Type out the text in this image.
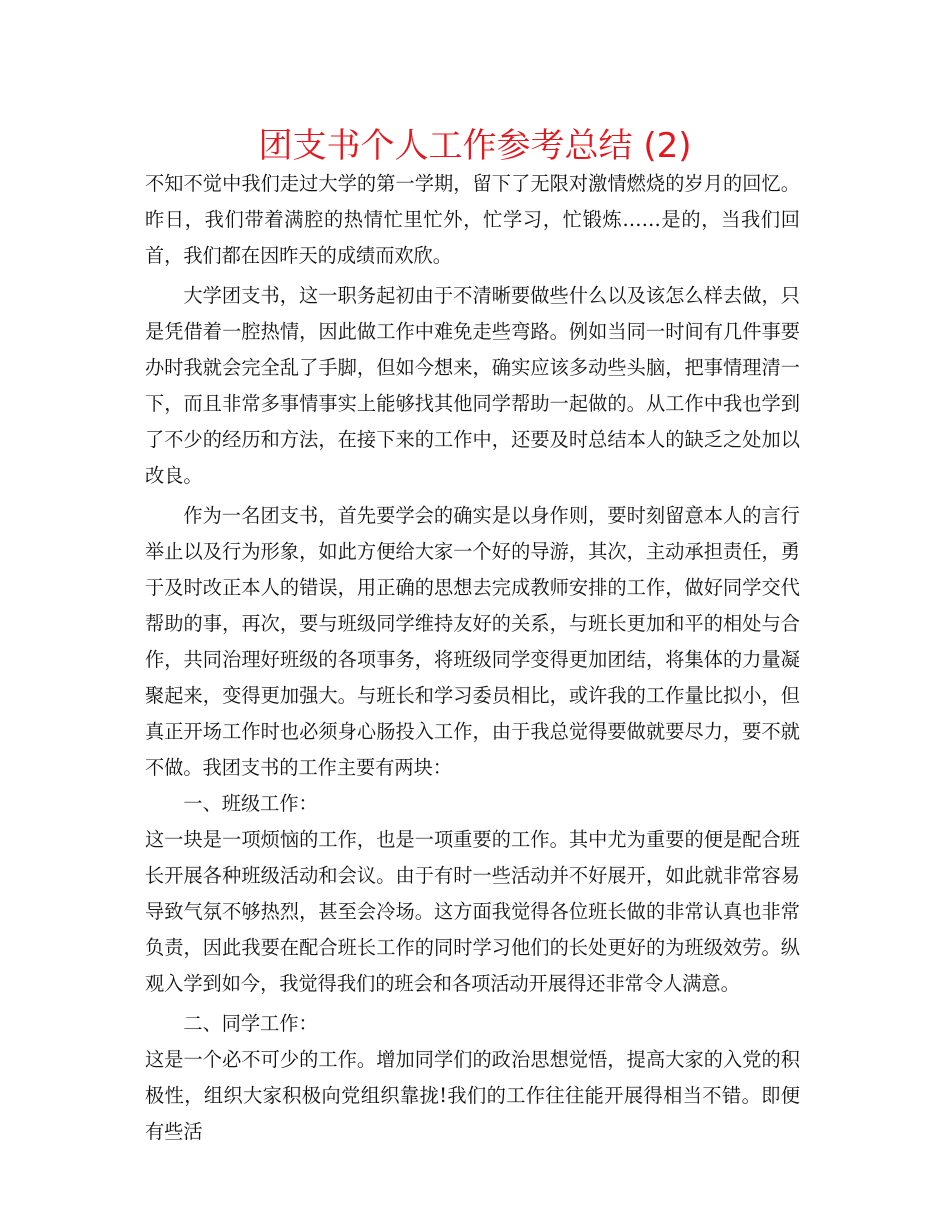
团支书个人工作参考总结 (2)

不知不觉中我们走过大学的第一学期，留下了无限对激情燃烧的岁月的回忆。昨日，我们带着满腔的热情忙里忙外，忙学习，忙锻炼……是的，当我们回首，我们都在因昨天的成绩而欢欣。

大学团支书，这一职务起初由于不清晰要做些什么以及该怎么样去做，只是凭借着一腔热情，因此做工作中难免走些弯路。例如当同一时间有几件事要办时我就会完全乱了手脚，但如今想来，确实应该多动些头脑，把事情理清一下，而且非常多事情事实上能够找其他同学帮助一起做的。从工作中我也学到了不少的经历和方法，在接下来的工作中，还要及时总结本人的缺乏之处加以改良。

作为一名团支书，首先要学会的确实是以身作则，要时刻留意本人的言行举止以及行为形象，如此方便给大家一个好的导游，其次，主动承担责任，勇于及时改正本人的错误，用正确的思想去完成教师安排的工作，做好同学交代帮助的事，再次，要与班级同学维持友好的关系，与班长更加和平的相处与合作，共同治理好班级的各项事务，将班级同学变得更加团结，将集体的力量凝聚起来，变得更加强大。与班长和学习委员相比，或许我的工作量比拟小，但真正开场工作时也必须身心肠投入工作，由于我总觉得要做就要尽力，要不就不做。我团支书的工作主要有两块：

一、班级工作：

这一块是一项烦恼的工作，也是一项重要的工作。其中尤为重要的便是配合班长开展各种班级活动和会议。由于有时一些活动并不好展开，如此就非常容易导致气氛不够热烈，甚至会冷场。这方面我觉得各位班长做的非常认真也非常负责，因此我要在配合班长工作的同时学习他们的长处更好的为班级效劳。纵观入学到如今，我觉得我们的班会和各项活动开展得还非常令人满意。

二、同学工作：

这是一个必不可少的工作。增加同学们的政治思想觉悟，提高大家的入党的积极性，组织大家积极向党组织靠拢!我们的工作往往能开展得相当不错。即便有些活
